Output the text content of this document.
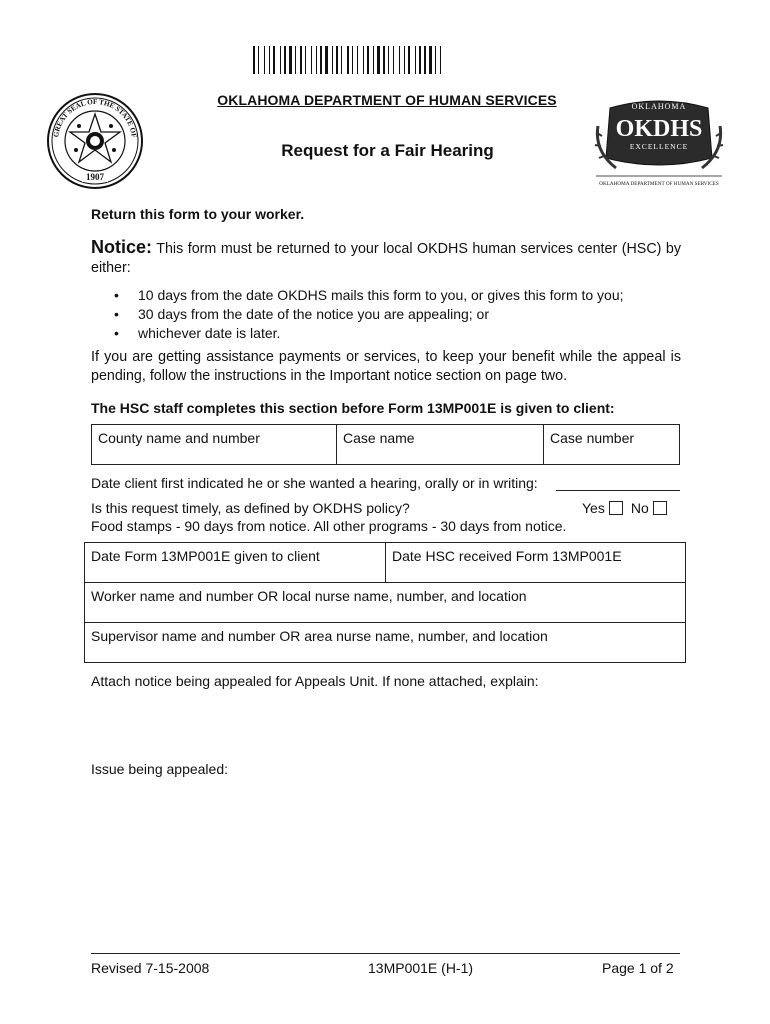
GREAT SEAL OF THE STATE OF
1907
OKLAHOMA DEPARTMENT OF HUMAN SERVICES
Request for a Fair Hearing
OKLAHOMA
OKDHS
EXCELLENCE
OKLAHOMA DEPARTMENT OF HUMAN SERVICES
Return this form to your worker.
Notice: This form must be returned to your local OKDHS human services center (HSC) by either:
• 10 days from the date OKDHS mails this form to you, or gives this form to you;
• 30 days from the date of the notice you are appealing; or
• whichever date is later.
If you are getting assistance payments or services, to keep your benefit while the appeal is pending, follow the instructions in the Important notice section on page two.
The HSC staff completes this section before Form 13MP001E is given to client:
County name and number	Case name	Case number
Date client first indicated he or she wanted a hearing, orally or in writing:
Is this request timely, as defined by OKDHS policy?	Yes No
Food stamps - 90 days from notice. All other programs - 30 days from notice.
Date Form 13MP001E given to client	Date HSC received Form 13MP001E
Worker name and number OR local nurse name, number, and location
Supervisor name and number OR area nurse name, number, and location
Attach notice being appealed for Appeals Unit. If none attached, explain:
Issue being appealed:
Revised 7-15-2008	13MP001E (H-1)	Page 1 of 2
